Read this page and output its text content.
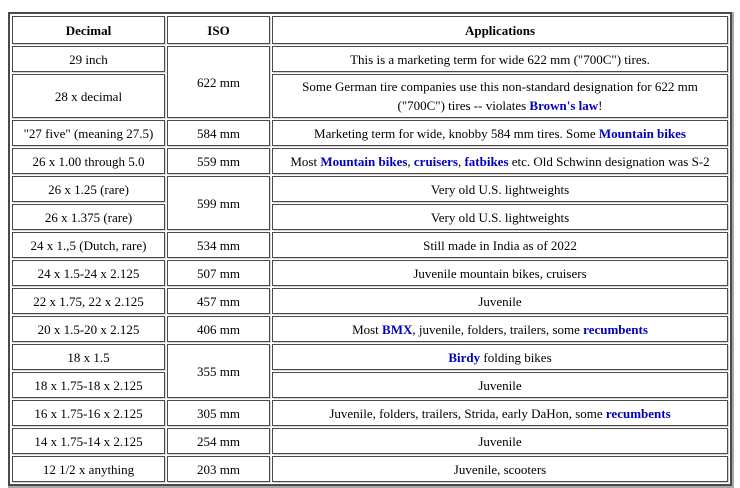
Decimal	ISO	Applications
29 inch	622 mm	This is a marketing term for wide 622 mm ("700C") tires.
28 x decimal		Some German tire companies use this non-standard designation for 622 mm ("700C") tires -- violates Brown's law!
"27 five" (meaning 27.5)	584 mm	Marketing term for wide, knobby 584 mm tires. Some Mountain bikes
26 x 1.00 through 5.0	559 mm	Most Mountain bikes, cruisers, fatbikes etc. Old Schwinn designation was S-2
26 x 1.25 (rare)	599 mm	Very old U.S. lightweights
26 x 1.375 (rare)		Very old U.S. lightweights
24 x 1.,5 (Dutch, rare)	534 mm	Still made in India as of 2022
24 x 1.5-24 x 2.125	507 mm	Juvenile mountain bikes, cruisers
22 x 1.75, 22 x 2.125	457 mm	Juvenile
20 x 1.5-20 x 2.125	406 mm	Most BMX, juvenile, folders, trailers, some recumbents
18 x 1.5	355 mm	Birdy folding bikes
18 x 1.75-18 x 2.125		Juvenile
16 x 1.75-16 x 2.125	305 mm	Juvenile, folders, trailers, Strida, early DaHon, some recumbents
14 x 1.75-14 x 2.125	254 mm	Juvenile
12 1/2 x anything	203 mm	Juvenile, scooters
